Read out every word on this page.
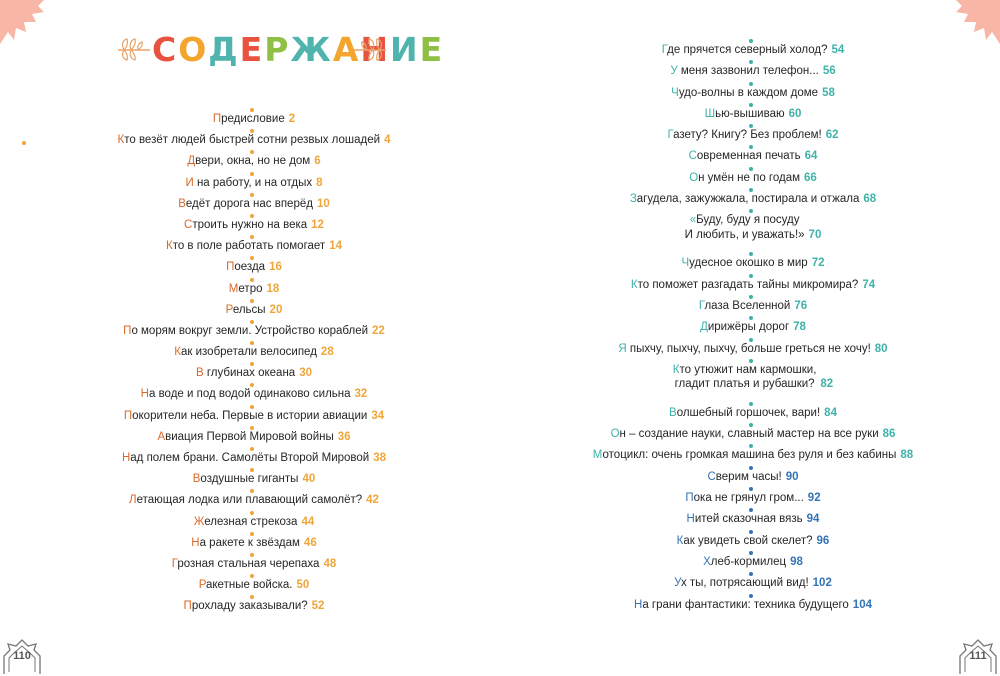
СОДЕРЖАНИЕ
Предисловие 2
Кто везёт людей быстрей сотни резвых лошадей 4
Двери, окна, но не дом 6
И на работу, и на отдых 8
Ведёт дорога нас вперёд 10
Строить нужно на века 12
Кто в поле работать помогает 14
Поезда 16
Метро 18
Рельсы 20
По морям вокруг земли. Устройство кораблей 22
Как изобретали велосипед 28
В глубинах океана 30
На воде и под водой одинаково сильна 32
Покорители неба. Первые в истории авиации 34
Авиация Первой Мировой войны 36
Над полем брани. Самолёты Второй Мировой 38
Воздушные гиганты 40
Летающая лодка или плавающий самолёт? 42
Железная стрекоза 44
На ракете к звёздам 46
Грозная стальная черепаха 48
Ракетные войска. 50
Прохладу заказывали? 52
110
Где прячется северный холод? 54
У меня зазвонил телефон... 56
Чудо-волны в каждом доме 58
Шью-вышиваю 60
Газету? Книгу? Без проблем! 62
Современная печать 64
Он умён не по годам 66
Загудела, зажужжала, постирала и отжала 68
«Буду, буду я посуду
И любить, и уважать!» 70
Чудесное окошко в мир 72
Кто поможет разгадать тайны микромира? 74
Глаза Вселенной 76
Дирижёры дорог 78
Я пыхчу, пыхчу, пыхчу, больше греться не хочу! 80
Кто утюжит нам кармошки,
гладит платья и рубашки? 82
Волшебный горшочек, вари! 84
Он – создание науки, славный мастер на все руки 86
Мотоцикл: очень громкая машина без руля и без кабины 88
Сверим часы! 90
Пока не грянул гром... 92
Нитей сказочная вязь 94
Как увидеть свой скелет? 96
Хлеб-кормилец 98
Ух ты, потрясающий вид! 102
На грани фантастики: техника будущего 104
111
